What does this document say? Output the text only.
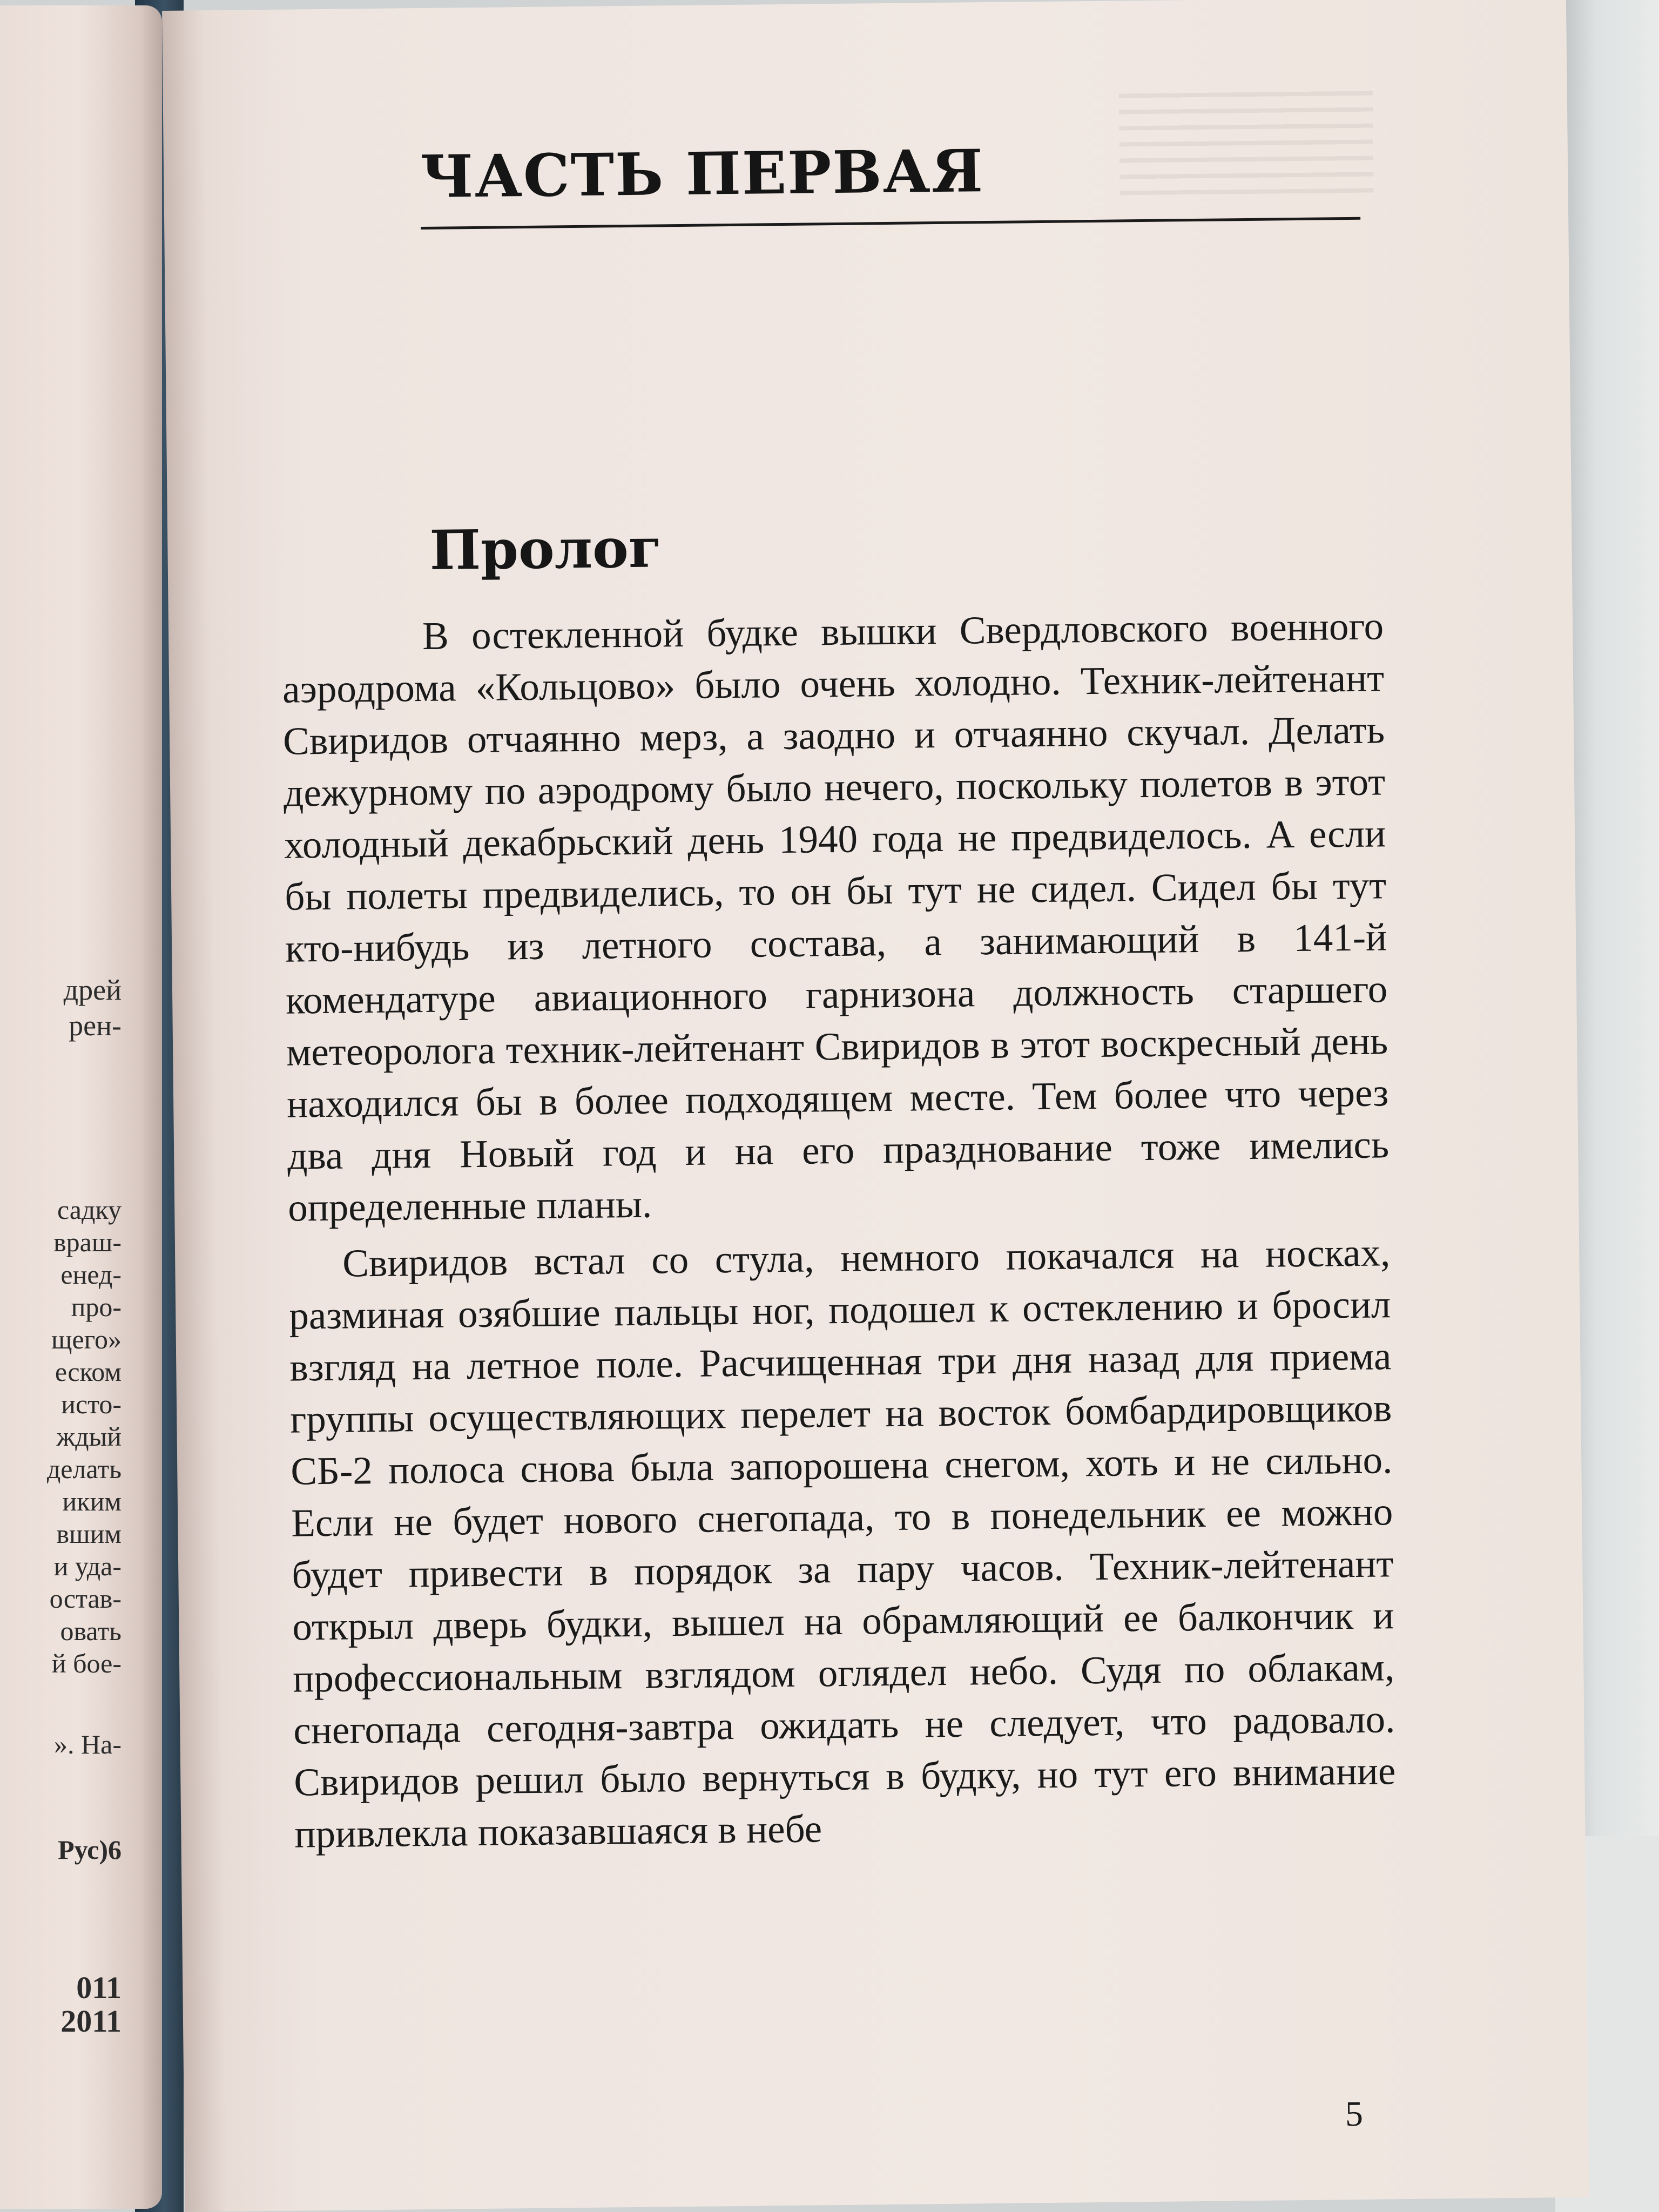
дрей
рен-
садку
враш-
енед-
про-
щего»
еском
исто-
ждый
делать
иким
вшим
и уда-
остав-
овать
й бое-
». На-
Рус)6
011
2011
ЧАСТЬ ПЕРВАЯ
Пролог

В остекленной будке вышки Свердловского военного аэродрома «Кольцово» было очень холодно. Техник-лейтенант Свиридов отчаянно мерз, а заодно и отчаянно скучал. Делать дежурному по аэродрому было нечего, поскольку полетов в этот холодный декабрьский день 1940 года не предвиделось. А если бы полеты предвиделись, то он бы тут не сидел. Сидел бы тут кто-нибудь из летного состава, а занимающий в 141-й комендатуре авиационного гарнизона должность старшего метеоролога техник-лейтенант Свиридов в этот воскресный день находился бы в более подходящем месте. Тем более что через два дня Новый год и на его празднование тоже имелись определенные планы.

Свиридов встал со стула, немного покачался на носках, разминая озябшие пальцы ног, подошел к остеклению и бросил взгляд на летное поле. Расчищенная три дня назад для приема группы осуществляющих перелет на восток бомбардировщиков СБ-2 полоса снова была запорошена снегом, хоть и не сильно. Если не будет нового снегопада, то в понедельник ее можно будет привести в порядок за пару часов. Техник-лейтенант открыл дверь будки, вышел на обрамляющий ее балкончик и профессиональным взглядом оглядел небо. Судя по облакам, снегопада сегодня-завтра ожидать не следует, что радовало. Свиридов решил было вернуться в будку, но тут его внимание привлекла показавшаяся в небе

5
